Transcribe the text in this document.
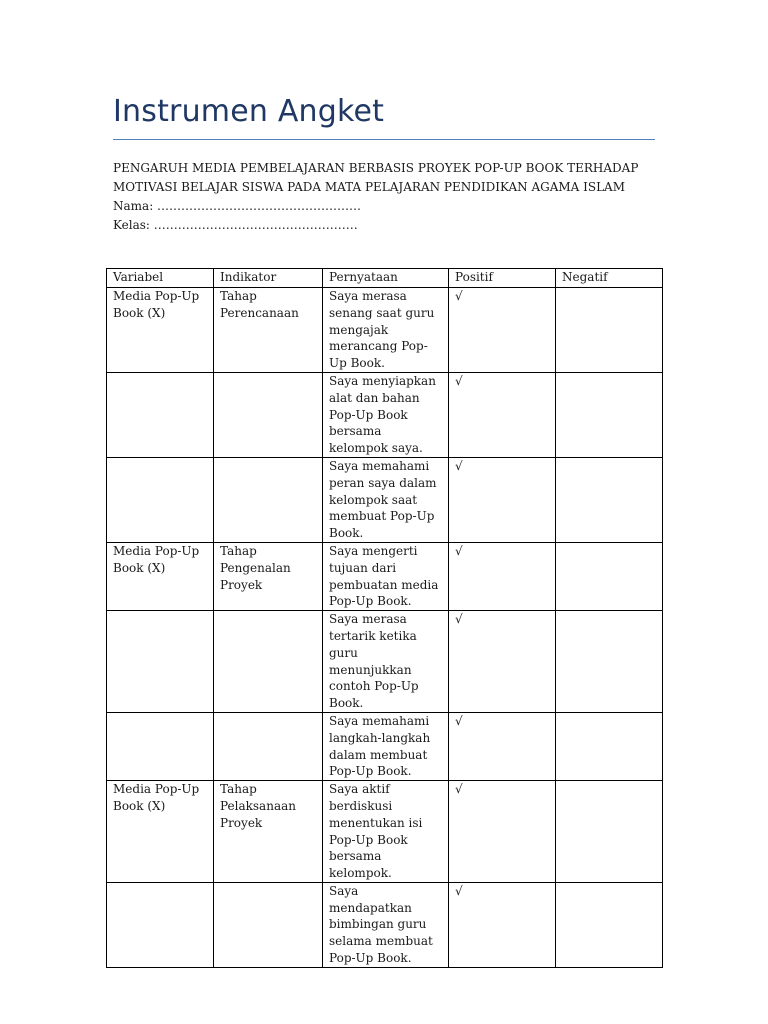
Instrumen Angket
PENGARUH MEDIA PEMBELAJARAN BERBASIS PROYEK POP-UP BOOK TERHADAP
MOTIVASI BELAJAR SISWA PADA MATA PELAJARAN PENDIDIKAN AGAMA ISLAM
Nama: ……………………………………………
Kelas: ……………………………………………
Variabel	Indikator	Pernyataan	Positif	Negatif
Media Pop-Up Book (X)	Tahap Perencanaan	Saya merasa senang saat guru mengajak merancang Pop-Up Book.	√	
		Saya menyiapkan alat dan bahan Pop-Up Book bersama kelompok saya.	√	
		Saya memahami peran saya dalam kelompok saat membuat Pop-Up Book.	√	
Media Pop-Up Book (X)	Tahap Pengenalan Proyek	Saya mengerti tujuan dari pembuatan media Pop-Up Book.	√	
		Saya merasa tertarik ketika guru menunjukkan contoh Pop-Up Book.	√	
		Saya memahami langkah-langkah dalam membuat Pop-Up Book.	√	
Media Pop-Up Book (X)	Tahap Pelaksanaan Proyek	Saya aktif berdiskusi menentukan isi Pop-Up Book bersama kelompok.	√	
		Saya mendapatkan bimbingan guru selama membuat Pop-Up Book.	√	
